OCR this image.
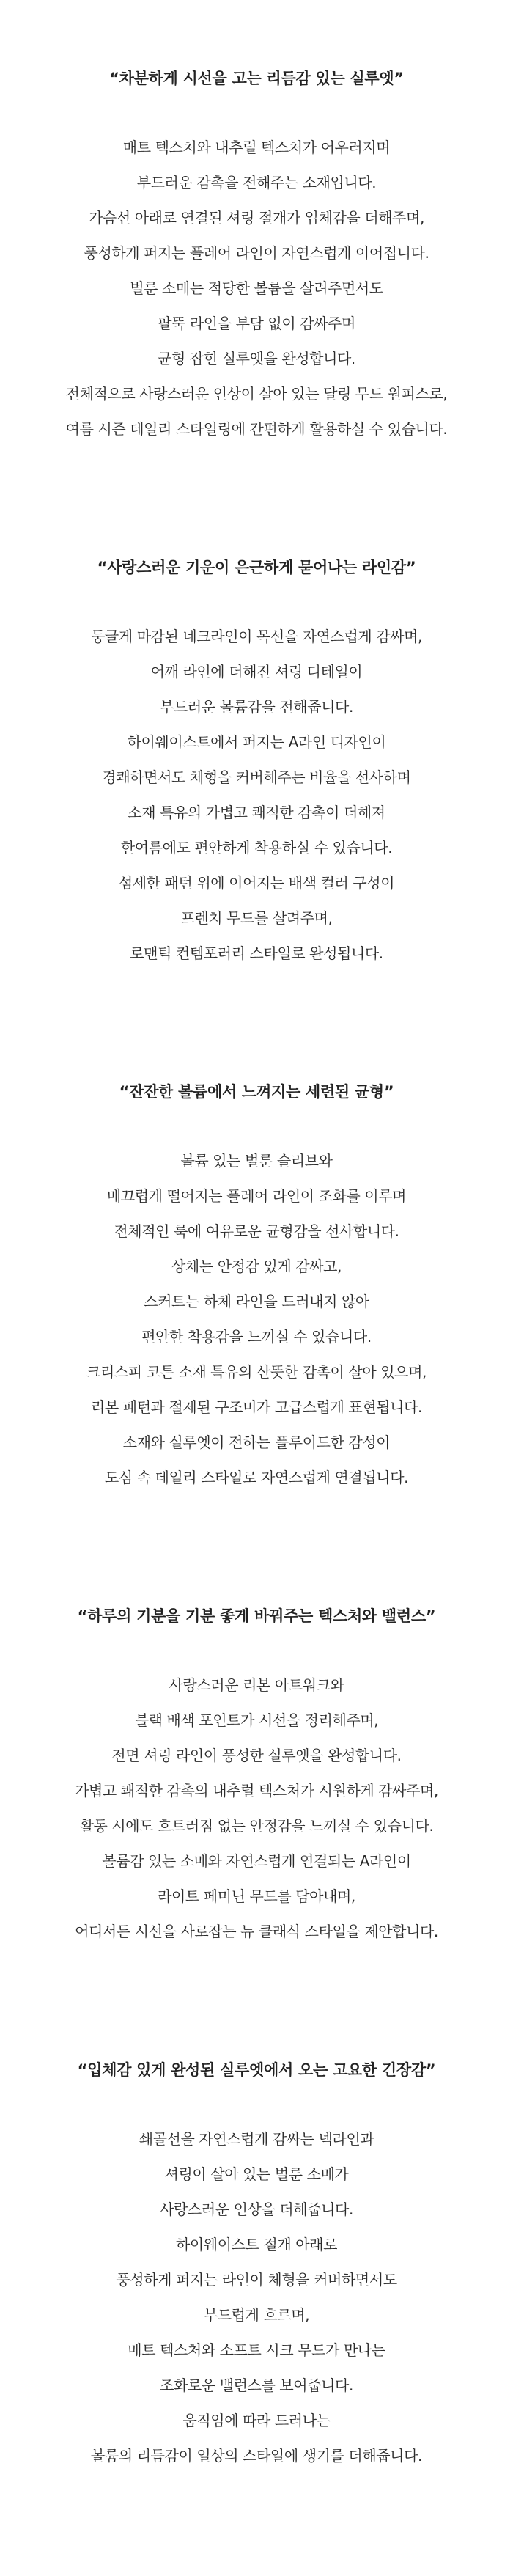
“차분하게 시선을 고는 리듬감 있는 실루엣”

매트 텍스처와 내추럴 텍스처가 어우러지며

부드러운 감촉을 전해주는 소재입니다.

가슴선 아래로 연결된 셔링 절개가 입체감을 더해주며,

풍성하게 퍼지는 플레어 라인이 자연스럽게 이어집니다.

벌룬 소매는 적당한 볼륨을 살려주면서도

팔뚝 라인을 부담 없이 감싸주며

균형 잡힌 실루엣을 완성합니다.

전체적으로 사랑스러운 인상이 살아 있는 달링 무드 원피스로,

여름 시즌 데일리 스타일링에 간편하게 활용하실 수 있습니다.

“사랑스러운 기운이 은근하게 묻어나는 라인감”

둥글게 마감된 네크라인이 목선을 자연스럽게 감싸며,

어깨 라인에 더해진 셔링 디테일이

부드러운 볼륨감을 전해줍니다.

하이웨이스트에서 퍼지는 A라인 디자인이

경쾌하면서도 체형을 커버해주는 비율을 선사하며

소재 특유의 가볍고 쾌적한 감촉이 더해져

한여름에도 편안하게 착용하실 수 있습니다.

섬세한 패턴 위에 이어지는 배색 컬러 구성이

프렌치 무드를 살려주며,

로맨틱 컨템포러리 스타일로 완성됩니다.

“잔잔한 볼륨에서 느껴지는 세련된 균형”

볼륨 있는 벌룬 슬리브와

매끄럽게 떨어지는 플레어 라인이 조화를 이루며

전체적인 룩에 여유로운 균형감을 선사합니다.

상체는 안정감 있게 감싸고,

스커트는 하체 라인을 드러내지 않아

편안한 착용감을 느끼실 수 있습니다.

크리스피 코튼 소재 특유의 산뜻한 감촉이 살아 있으며,

리본 패턴과 절제된 구조미가 고급스럽게 표현됩니다.

소재와 실루엣이 전하는 플루이드한 감성이

도심 속 데일리 스타일로 자연스럽게 연결됩니다.

“하루의 기분을 기분 좋게 바꿔주는 텍스처와 밸런스”

사랑스러운 리본 아트워크와

블랙 배색 포인트가 시선을 정리해주며,

전면 셔링 라인이 풍성한 실루엣을 완성합니다.

가볍고 쾌적한 감촉의 내추럴 텍스처가 시원하게 감싸주며,

활동 시에도 흐트러짐 없는 안정감을 느끼실 수 있습니다.

볼륨감 있는 소매와 자연스럽게 연결되는 A라인이

라이트 페미닌 무드를 담아내며,

어디서든 시선을 사로잡는 뉴 클래식 스타일을 제안합니다.

“입체감 있게 완성된 실루엣에서 오는 고요한 긴장감”

쇄골선을 자연스럽게 감싸는 넥라인과

셔링이 살아 있는 벌룬 소매가

사랑스러운 인상을 더해줍니다.

하이웨이스트 절개 아래로

풍성하게 퍼지는 라인이 체형을 커버하면서도

부드럽게 흐르며,

매트 텍스처와 소프트 시크 무드가 만나는

조화로운 밸런스를 보여줍니다.

움직임에 따라 드러나는

볼륨의 리듬감이 일상의 스타일에 생기를 더해줍니다.
